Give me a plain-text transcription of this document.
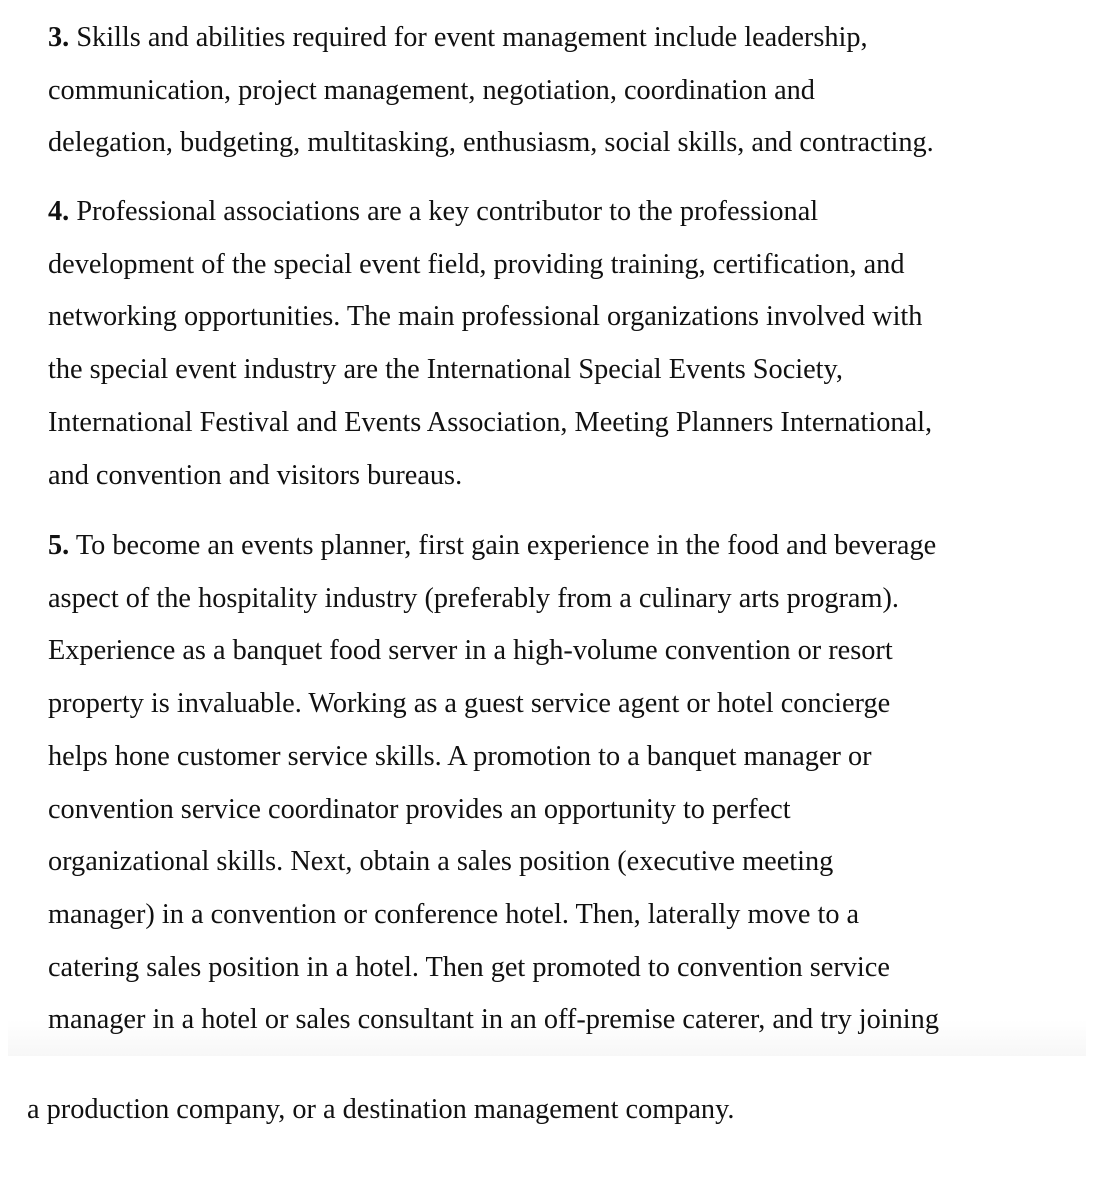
3. Skills and abilities required for event management include leadership,
communication, project management, negotiation, coordination and
delegation, budgeting, multitasking, enthusiasm, social skills, and contracting.
4. Professional associations are a key contributor to the professional
development of the special event field, providing training, certification, and
networking opportunities. The main professional organizations involved with
the special event industry are the International Special Events Society,
International Festival and Events Association, Meeting Planners International,
and convention and visitors bureaus.
5. To become an events planner, first gain experience in the food and beverage
aspect of the hospitality industry (preferably from a culinary arts program).
Experience as a banquet food server in a high-volume convention or resort
property is invaluable. Working as a guest service agent or hotel concierge
helps hone customer service skills. A promotion to a banquet manager or
convention service coordinator provides an opportunity to perfect
organizational skills. Next, obtain a sales position (executive meeting
manager) in a convention or conference hotel. Then, laterally move to a
catering sales position in a hotel. Then get promoted to convention service
manager in a hotel or sales consultant in an off-premise caterer, and try joining
a production company, or a destination management company.
